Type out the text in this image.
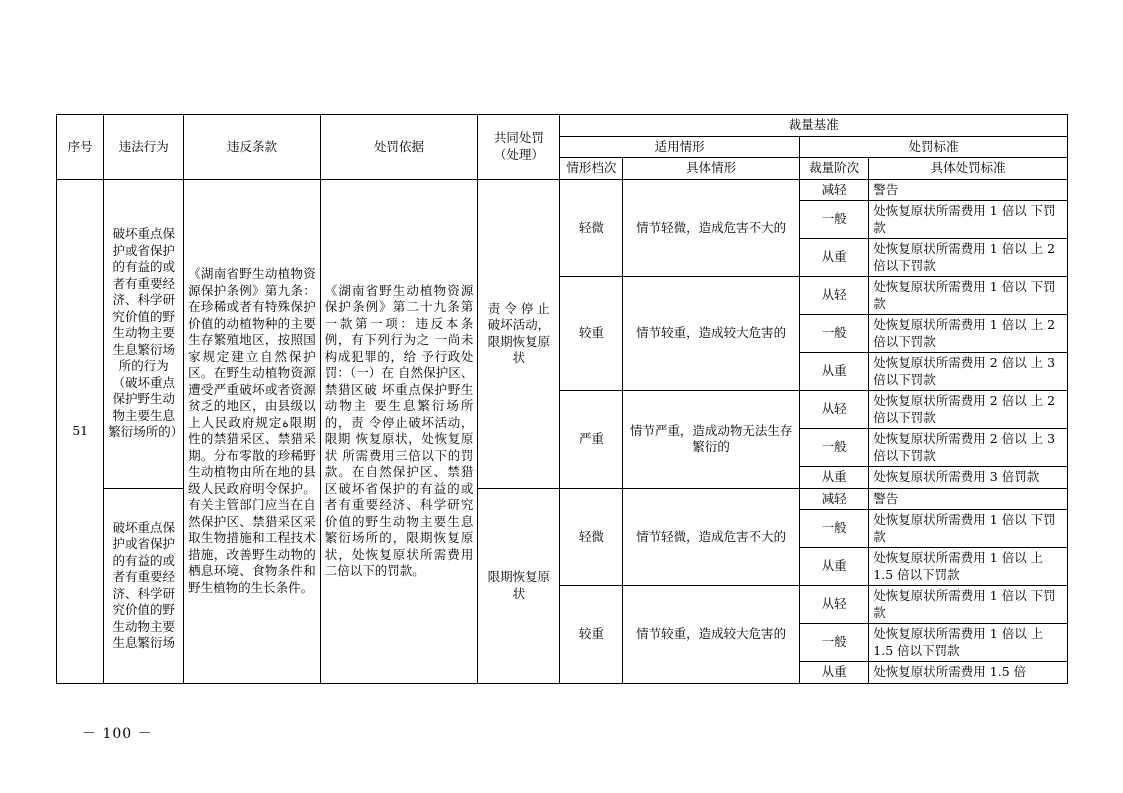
序号	违法行为	违反条款	处罚依据	共同处罚（处理）	裁量基准			
					适用情形		处罚标准	
					情形档次	具体情形	裁量阶次	具体处罚标准
51	破坏重点保护或省保护的有益的或者有重要经济、科学研究价值的野生动物主要生息繁衍场所的行为（破坏重点保护野生动物主要生息繁衍场所的）	《湖南省野生动植物资源保护条例》第九条：在珍稀或者有特殊保护价值的动植物种的主要生存繁殖地区，按照国家规定建立自然保护区。在野生动植物资源遭受严重破坏或者资源贫乏的地区，由县级以上人民政府规定ة限期性的禁猎采区、禁猎采期。分布零散的珍稀野生动植物由所在地的县级人民政府明令保护。有关主管部门应当在自然保护区、禁猎采区采取生物措施和工程技术措施，改善野生动物的栖息环境、食物条件和野生植物的生长条件。	《湖南省野生动植物资源保护条例》第二十九条第一款第一项：违反本条例，有下列行为之 一尚未构成犯罪的，给 予行政处罚：（一）在 自然保护区、禁猎区破 坏重点保护野生动物主 要生息繁衍场所的，责 令停止破坏活动，限期 恢复原状，处恢复原状 所需费用三倍以下的罚款。在自然保护区、禁猎区破坏省保护的有益的或者有重要经济、科学研究价值的野生动物主要生息繁衍场所的，限期恢复原状，处恢复原状所需费用二倍以下的罚款。	责 令 停 止破坏活动，限期恢复原状	轻微	情节轻微，造成危害不大的	减轻	警告
							一般	处恢复原状所需费用 1 倍以 下罚款
							从重	处恢复原状所需费用 1 倍以 上 2 倍以下罚款
					较重	情节较重，造成较大危害的	从轻	处恢复原状所需费用 1 倍以 下罚款
							一般	处恢复原状所需费用 1 倍以 上 2 倍以下罚款
							从重	处恢复原状所需费用 2 倍以 上 3 倍以下罚款
					严重	情节严重，造成动物无法生存繁衍的	从轻	处恢复原状所需费用 2 倍以 上 2 倍以下罚款
							一般	处恢复原状所需费用 2 倍以 上 3 倍以下罚款
							从重	处恢复原状所需费用 3 倍罚款
	破坏重点保护或省保护的有益的或者有重要经济、科学研究价值的野生动物主要生息繁衍场			限期恢复原状	轻微	情节轻微，造成危害不大的	减轻	警告
							一般	处恢复原状所需费用 1 倍以 下罚款
							从重	处恢复原状所需费用 1 倍以 上 1.5 倍以下罚款
					较重	情节较重，造成较大危害的	从轻	处恢复原状所需费用 1 倍以 下罚款
							一般	处恢复原状所需费用 1 倍以 上 1.5 倍以下罚款
							从重	处恢复原状所需费用 1.5 倍
－ 100 －
